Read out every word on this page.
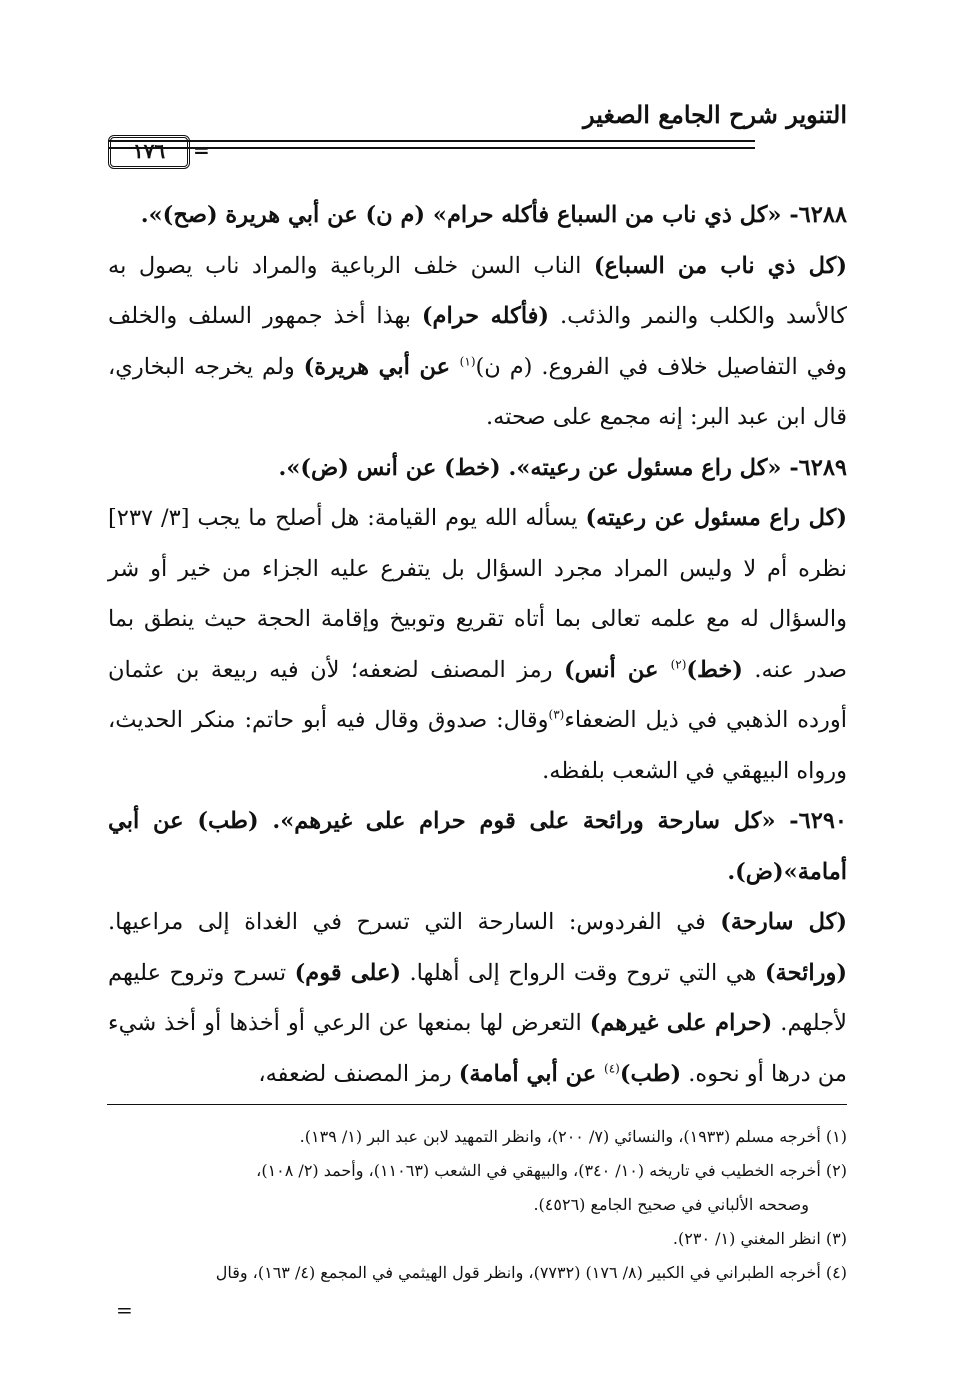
التنوير شرح الجامع الصغير
١٧٦	=

٦٢٨٨- «كل ذي ناب من السباع فأكله حرام» (م ن) عن أبي هريرة (صح)».

(كل ذي ناب من السباع) الناب السن خلف الرباعية والمراد ناب يصول به كالأسد والكلب والنمر والذئب. (فأكله حرام) بهذا أخذ جمهور السلف والخلف وفي التفاصيل خلاف في الفروع. (م ن)$^{(١)}$ عن أبي هريرة) ولم يخرجه البخاري، قال ابن عبد البر: إنه مجمع على صحته.

٦٢٨٩- «كل راع مسئول عن رعيته». (خط) عن أنس (ض)».

(كل راع مسئول عن رعيته) يسأله الله يوم القيامة: هل أصلح ما يجب [٣/ ٢٣٧] نظره أم لا وليس المراد مجرد السؤال بل يتفرع عليه الجزاء من خير أو شر والسؤال له مع علمه تعالى بما أتاه تقريع وتوبيخ وإقامة الحجة حيث ينطق بما صدر عنه. (خط)$^{(٢)}$ عن أنس) رمز المصنف لضعفه؛ لأن فيه ربيعة بن عثمان أورده الذهبي في ذيل الضعفاء$^{(٣)}$وقال: صدوق وقال فيه أبو حاتم: منكر الحديث، ورواه البيهقي في الشعب بلفظه.

٦٢٩٠- «كل سارحة ورائحة على قوم حرام على غيرهم». (طب) عن أبي أمامة»(ض).

(كل سارحة) في الفردوس: السارحة التي تسرح في الغداة إلى مراعيها. (ورائحة) هي التي تروح وقت الرواح إلى أهلها. (على قوم) تسرح وتروح عليهم لأجلهم. (حرام على غيرهم) التعرض لها بمنعها عن الرعي أو أخذها أو أخذ شيء من درها أو نحوه. (طب)$^{(٤)}$ عن أبي أمامة) رمز المصنف لضعفه،

(١) أخرجه مسلم (١٩٣٣)، والنسائي (٧/ ٢٠٠)، وانظر التمهيد لابن عبد البر (١/ ١٣٩).

(٢) أخرجه الخطيب في تاريخه (١٠/ ٣٤٠)، والبيهقي في الشعب (١١٠٦٣)، وأحمد (٢/ ١٠٨)،

وصححه الألباني في صحيح الجامع (٤٥٢٦).

(٣) انظر المغني (١/ ٢٣٠).

(٤) أخرجه الطبراني في الكبير (٨/ ١٧٦) (٧٧٣٢)، وانظر قول الهيثمي في المجمع (٤/ ١٦٣)، وقال

=
